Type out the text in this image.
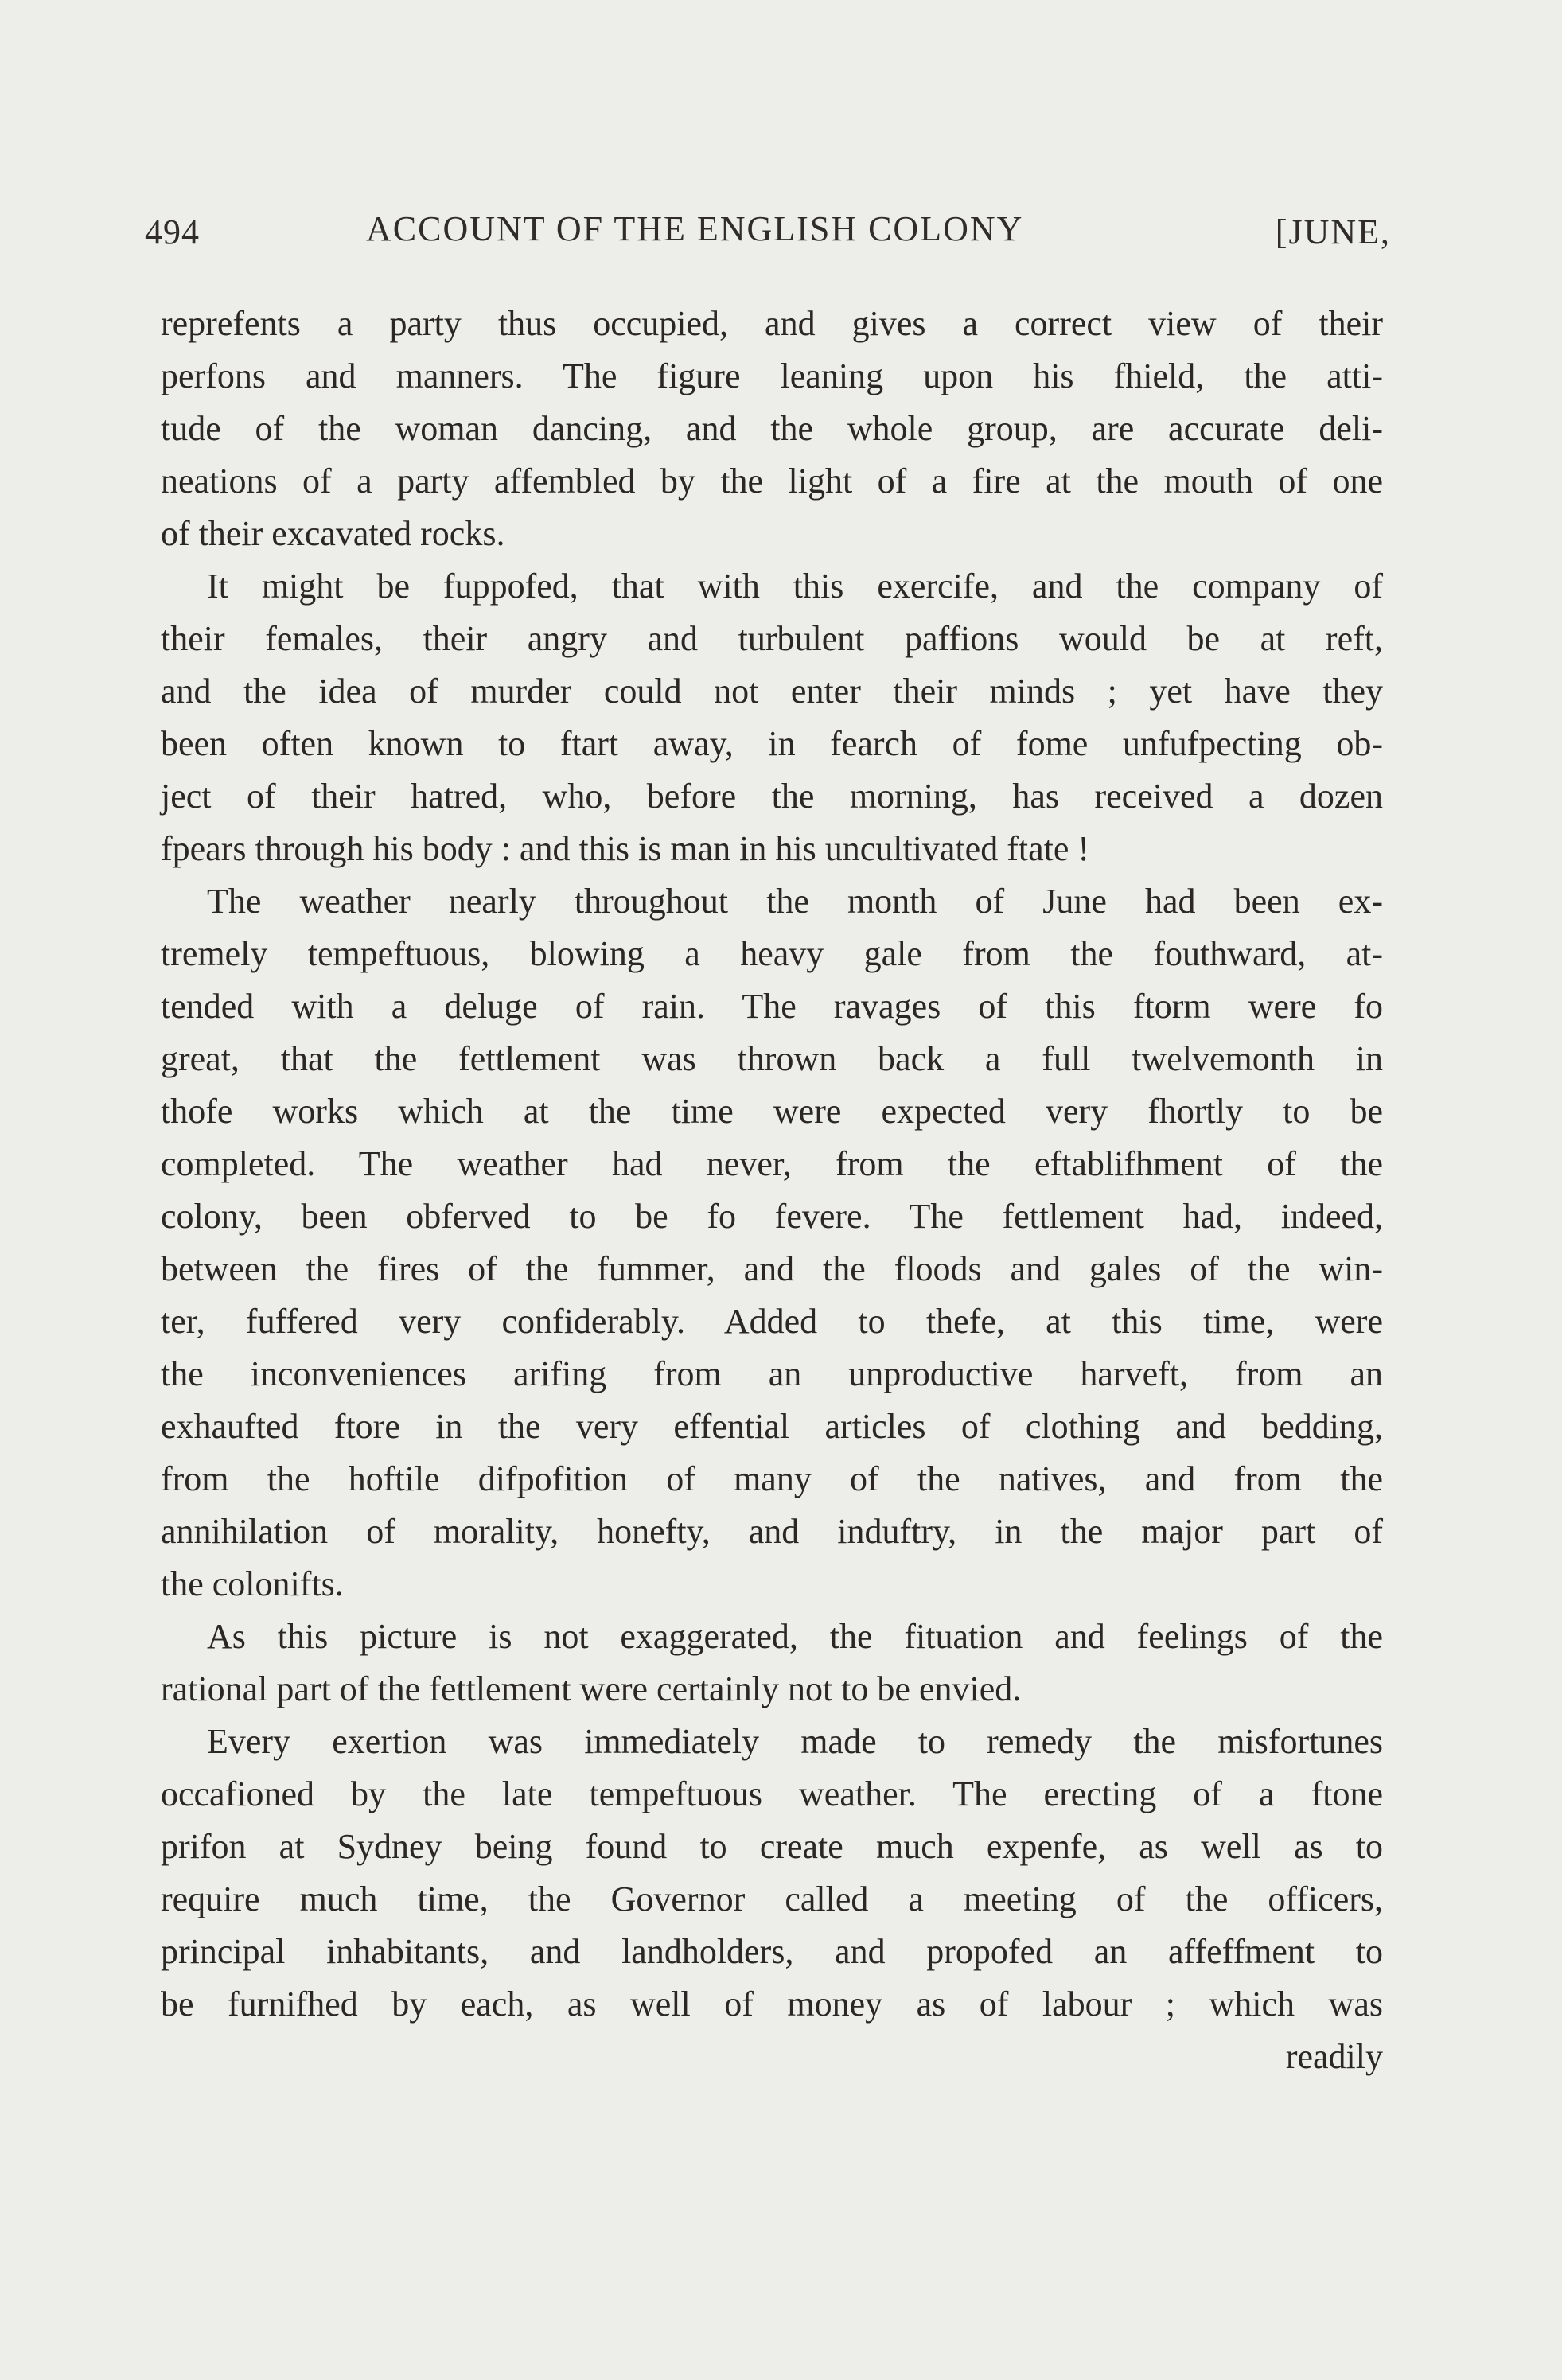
494	ACCOUNT OF THE ENGLISH COLONY	[JUNE,
reprefents a party thus occupied, and gives a correct view of their
perfons and manners. The figure leaning upon his fhield, the atti-
tude of the woman dancing, and the whole group, are accurate deli-
neations of a party affembled by the light of a fire at the mouth of one
of their excavated rocks.
It might be fuppofed, that with this exercife, and the company of
their females, their angry and turbulent paffions would be at reft,
and the idea of murder could not enter their minds ; yet have they
been often known to ftart away, in fearch of fome unfufpecting ob-
ject of their hatred, who, before the morning, has received a dozen
fpears through his body : and this is man in his uncultivated ftate !
The weather nearly throughout the month of June had been ex-
tremely tempeftuous, blowing a heavy gale from the fouthward, at-
tended with a deluge of rain. The ravages of this ftorm were fo
great, that the fettlement was thrown back a full twelvemonth in
thofe works which at the time were expected very fhortly to be
completed. The weather had never, from the eftablifhment of the
colony, been obferved to be fo fevere. The fettlement had, indeed,
between the fires of the fummer, and the floods and gales of the win-
ter, fuffered very confiderably. Added to thefe, at this time, were
the inconveniences arifing from an unproductive harveft, from an
exhaufted ftore in the very effential articles of clothing and bedding,
from the hoftile difpofition of many of the natives, and from the
annihilation of morality, honefty, and induftry, in the major part of
the colonifts.
As this picture is not exaggerated, the fituation and feelings of the
rational part of the fettlement were certainly not to be envied.
Every exertion was immediately made to remedy the misfortunes
occafioned by the late tempeftuous weather. The erecting of a ftone
prifon at Sydney being found to create much expenfe, as well as to
require much time, the Governor called a meeting of the officers,
principal inhabitants, and landholders, and propofed an affeffment to
be furnifhed by each, as well of money as of labour ; which was
readily
